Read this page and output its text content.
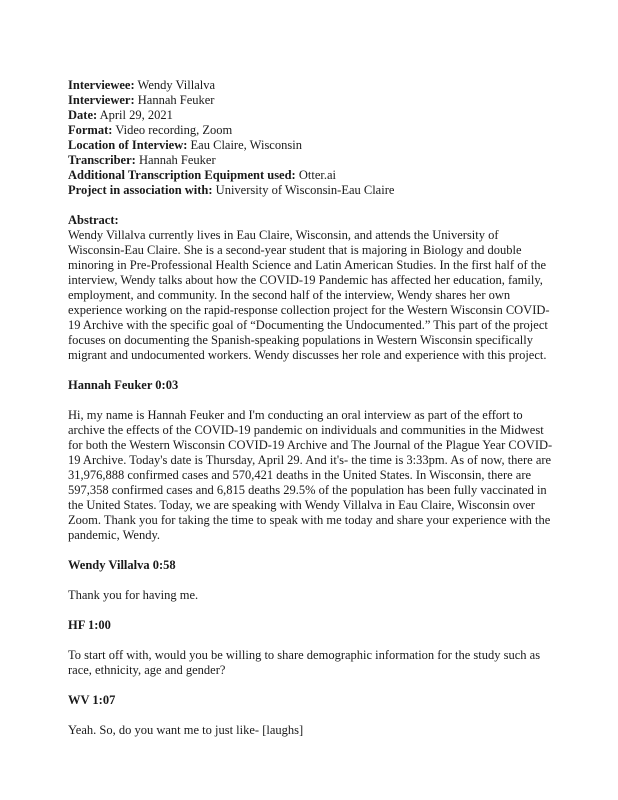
Interviewee: Wendy Villalva
Interviewer: Hannah Feuker
Date: April 29, 2021
Format: Video recording, Zoom
Location of Interview: Eau Claire, Wisconsin
Transcriber: Hannah Feuker
Additional Transcription Equipment used: Otter.ai
Project in association with: University of Wisconsin-Eau Claire

Abstract:
Wendy Villalva currently lives in Eau Claire, Wisconsin, and attends the University of Wisconsin-Eau Claire. She is a second-year student that is majoring in Biology and double minoring in Pre-Professional Health Science and Latin American Studies. In the first half of the interview, Wendy talks about how the COVID-19 Pandemic has affected her education, family, employment, and community. In the second half of the interview, Wendy shares her own experience working on the rapid-response collection project for the Western Wisconsin COVID-19 Archive with the specific goal of “Documenting the Undocumented.” This part of the project focuses on documenting the Spanish-speaking populations in Western Wisconsin specifically migrant and undocumented workers. Wendy discusses her role and experience with this project.

Hannah Feuker 0:03

Hi, my name is Hannah Feuker and I'm conducting an oral interview as part of the effort to archive the effects of the COVID-19 pandemic on individuals and communities in the Midwest for both the Western Wisconsin COVID-19 Archive and The Journal of the Plague Year COVID-19 Archive. Today's date is Thursday, April 29. And it's- the time is 3:33pm. As of now, there are 31,976,888 confirmed cases and 570,421 deaths in the United States. In Wisconsin, there are 597,358 confirmed cases and 6,815 deaths 29.5% of the population has been fully vaccinated in the United States. Today, we are speaking with Wendy Villalva in Eau Claire, Wisconsin over Zoom. Thank you for taking the time to speak with me today and share your experience with the pandemic, Wendy.

Wendy Villalva 0:58

Thank you for having me.

HF 1:00

To start off with, would you be willing to share demographic information for the study such as race, ethnicity, age and gender?

WV 1:07

Yeah. So, do you want me to just like- [laughs]
